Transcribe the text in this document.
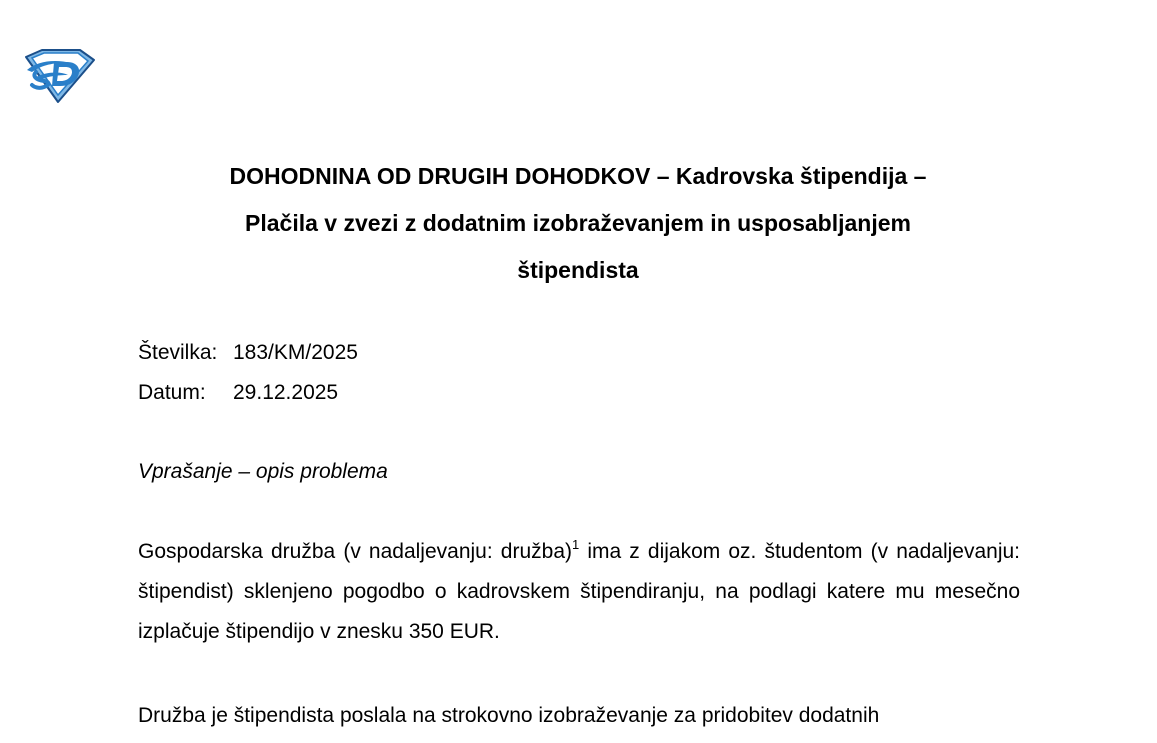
DOHODNINA OD DRUGIH DOHODKOV – Kadrovska štipendija –
Plačila v zvezi z dodatnim izobraževanjem in usposabljanjem
štipendista
Številka: 183/KM/2025
Datum: 29.12.2025
Vprašanje – opis problema
Gospodarska družba (v nadaljevanju: družba)$^1$ ima z dijakom oz. študentom (v nadaljevanju: štipendist) sklenjeno pogodbo o kadrovskem štipendiranju, na podlagi katere mu mesečno izplačuje štipendijo v znesku 350 EUR.
Družba je štipendista poslala na strokovno izobraževanje za pridobitev dodatnih
